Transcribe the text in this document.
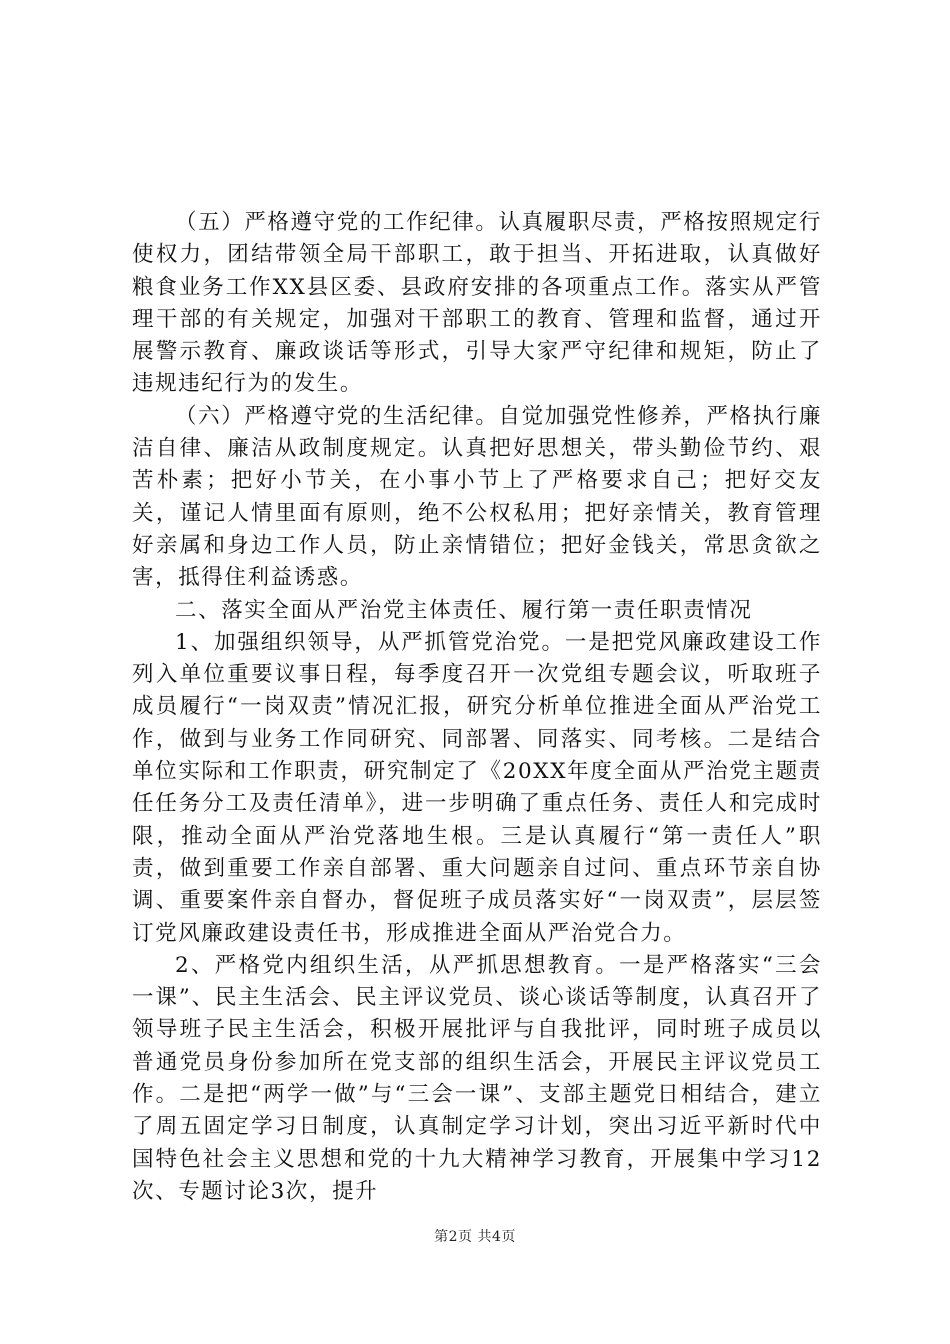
（五）严格遵守党的工作纪律。认真履职尽责，严格按照规定行使权力，团结带领全局干部职工，敢于担当、开拓进取，认真做好粮食业务工作XX县区委、县政府安排的各项重点工作。落实从严管理干部的有关规定，加强对干部职工的教育、管理和监督，通过开展警示教育、廉政谈话等形式，引导大家严守纪律和规矩，防止了违规违纪行为的发生。

（六）严格遵守党的生活纪律。自觉加强党性修养，严格执行廉洁自律、廉洁从政制度规定。认真把好思想关，带头勤俭节约、艰苦朴素；把好小节关，在小事小节上了严格要求自己；把好交友关，谨记人情里面有原则，绝不公权私用；把好亲情关，教育管理好亲属和身边工作人员，防止亲情错位；把好金钱关，常思贪欲之害，抵得住利益诱惑。

二、落实全面从严治党主体责任、履行第一责任职责情况

1、加强组织领导，从严抓管党治党。一是把党风廉政建设工作列入单位重要议事日程，每季度召开一次党组专题会议，听取班子成员履行“一岗双责”情况汇报，研究分析单位推进全面从严治党工作，做到与业务工作同研究、同部署、同落实、同考核。二是结合单位实际和工作职责，研究制定了《20XX年度全面从严治党主题责任任务分工及责任清单》，进一步明确了重点任务、责任人和完成时限，推动全面从严治党落地生根。三是认真履行“第一责任人”职责，做到重要工作亲自部署、重大问题亲自过问、重点环节亲自协调、重要案件亲自督办，督促班子成员落实好“一岗双责”，层层签订党风廉政建设责任书，形成推进全面从严治党合力。

2、严格党内组织生活，从严抓思想教育。一是严格落实“三会一课”、民主生活会、民主评议党员、谈心谈话等制度，认真召开了领导班子民主生活会，积极开展批评与自我批评，同时班子成员以普通党员身份参加所在党支部的组织生活会，开展民主评议党员工作。二是把“两学一做”与“三会一课”、支部主题党日相结合，建立了周五固定学习日制度，认真制定学习计划，突出习近平新时代中国特色社会主义思想和党的十九大精神学习教育，开展集中学习12次、专题讨论3次，提升

第2页 共4页
